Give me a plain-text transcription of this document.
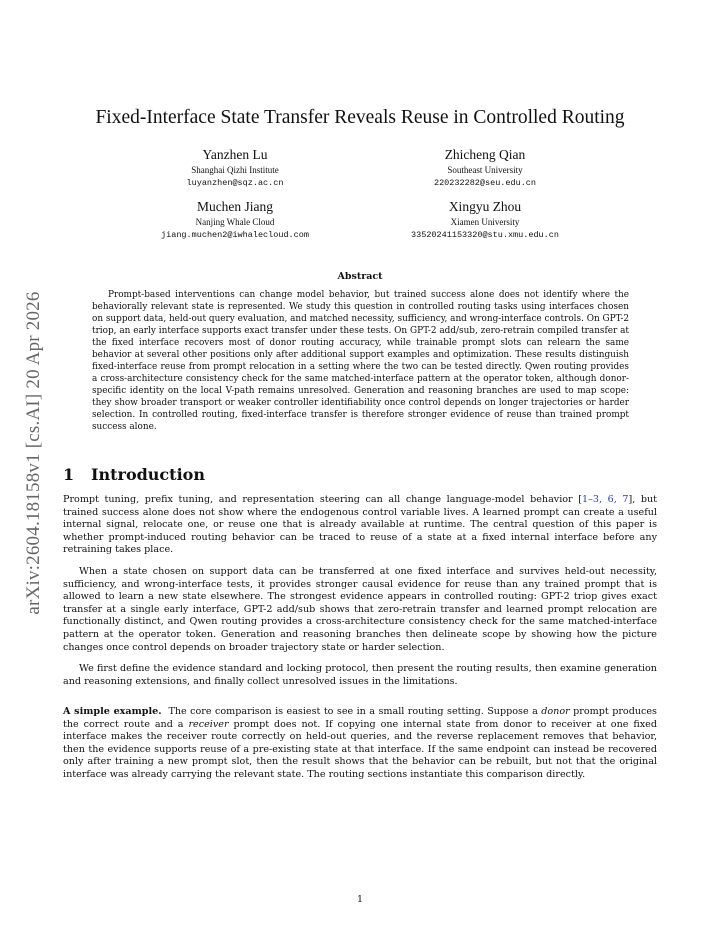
arXiv:2604.18158v1 [cs.AI] 20 Apr 2026
Fixed-Interface State Transfer Reveals Reuse in Controlled Routing
Yanzhen Lu
Shanghai Qizhi Institute
luyanzhen@sqz.ac.cn
Zhicheng Qian
Southeast University
220232282@seu.edu.cn
Muchen Jiang
Nanjing Whale Cloud
jiang.muchen2@iwhalecloud.com
Xingyu Zhou
Xiamen University
33520241153320@stu.xmu.edu.cn
Abstract
Prompt-based interventions can change model behavior, but trained success alone does not identify where the behaviorally relevant state is represented. We study this question in controlled routing tasks using interfaces chosen on support data, held-out query evaluation, and matched necessity, sufficiency, and wrong-interface controls. On GPT-2 triop, an early interface supports exact transfer under these tests. On GPT-2 add/sub, zero-retrain compiled transfer at the fixed interface recovers most of donor routing accuracy, while trainable prompt slots can relearn the same behavior at several other positions only after additional support examples and optimization. These results distinguish fixed-interface reuse from prompt relocation in a setting where the two can be tested directly. Qwen routing provides a cross-architecture consistency check for the same matched-interface pattern at the operator token, although donor-specific identity on the local V-path remains unresolved. Generation and reasoning branches are used to map scope: they show broader transport or weaker controller identifiability once control depends on longer trajectories or harder selection. In controlled routing, fixed-interface transfer is therefore stronger evidence of reuse than trained prompt success alone.
1 Introduction
Prompt tuning, prefix tuning, and representation steering can all change language-model behavior [1–3, 6, 7], but trained success alone does not show where the endogenous control variable lives. A learned prompt can create a useful internal signal, relocate one, or reuse one that is already available at runtime. The central question of this paper is whether prompt-induced routing behavior can be traced to reuse of a state at a fixed internal interface before any retraining takes place.
When a state chosen on support data can be transferred at one fixed interface and survives held-out necessity, sufficiency, and wrong-interface tests, it provides stronger causal evidence for reuse than any trained prompt that is allowed to learn a new state elsewhere. The strongest evidence appears in controlled routing: GPT-2 triop gives exact transfer at a single early interface, GPT-2 add/sub shows that zero-retrain transfer and learned prompt relocation are functionally distinct, and Qwen routing provides a cross-architecture consistency check for the same matched-interface pattern at the operator token. Generation and reasoning branches then delineate scope by showing how the picture changes once control depends on broader trajectory state or harder selection.
We first define the evidence standard and locking protocol, then present the routing results, then examine generation and reasoning extensions, and finally collect unresolved issues in the limitations.
A simple example. The core comparison is easiest to see in a small routing setting. Suppose a donor prompt produces the correct route and a receiver prompt does not. If copying one internal state from donor to receiver at one fixed interface makes the receiver route correctly on held-out queries, and the reverse replacement removes that behavior, then the evidence supports reuse of a pre-existing state at that interface. If the same endpoint can instead be recovered only after training a new prompt slot, then the result shows that the behavior can be rebuilt, but not that the original interface was already carrying the relevant state. The routing sections instantiate this comparison directly.
1
